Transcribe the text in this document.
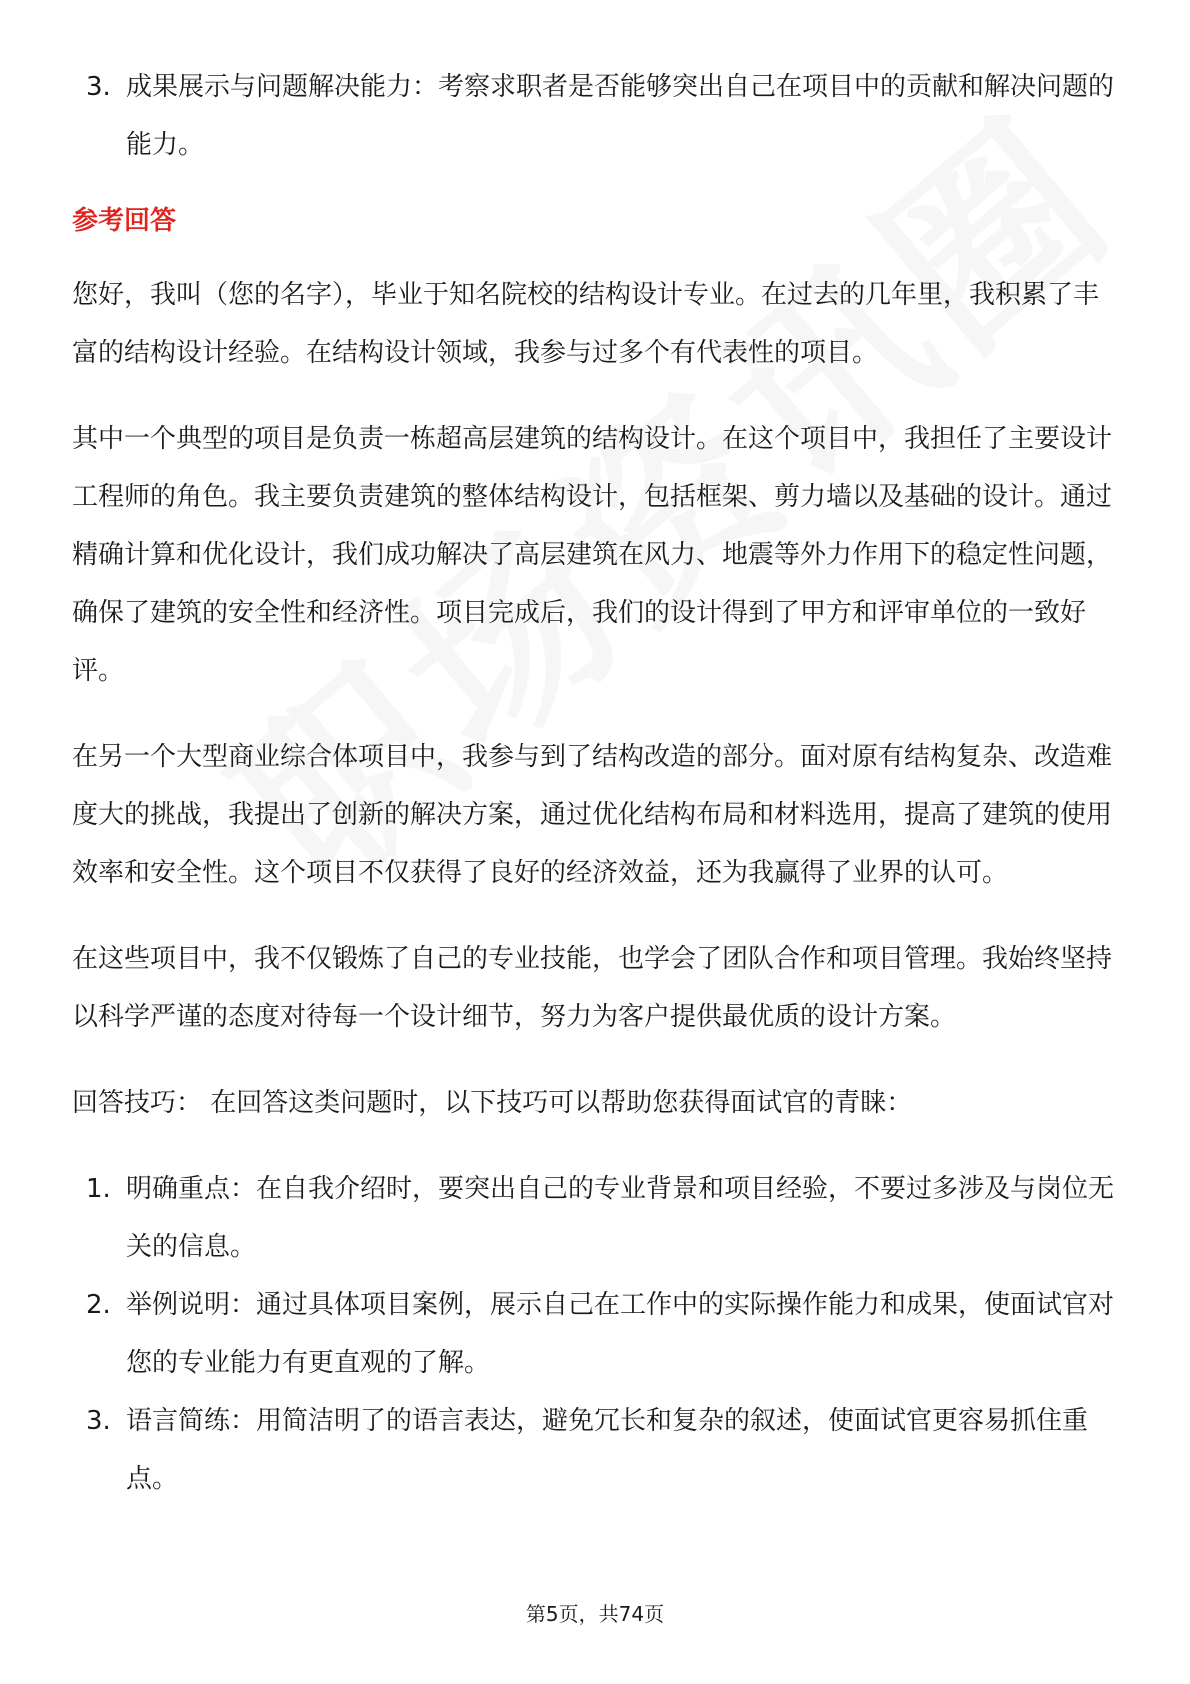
3. 成果展示与问题解决能力：考察求职者是否能够突出自己在项目中的贡献和解决问题的能力。
参考回答

您好，我叫（您的名字），毕业于知名院校的结构设计专业。在过去的几年里，我积累了丰富的结构设计经验。在结构设计领域，我参与过多个有代表性的项目。

其中一个典型的项目是负责一栋超高层建筑的结构设计。在这个项目中，我担任了主要设计工程师的角色。我主要负责建筑的整体结构设计，包括框架、剪力墙以及基础的设计。通过精确计算和优化设计，我们成功解决了高层建筑在风力、地震等外力作用下的稳定性问题，确保了建筑的安全性和经济性。项目完成后，我们的设计得到了甲方和评审单位的一致好评。

在另一个大型商业综合体项目中，我参与到了结构改造的部分。面对原有结构复杂、改造难度大的挑战，我提出了创新的解决方案，通过优化结构布局和材料选用，提高了建筑的使用效率和安全性。这个项目不仅获得了良好的经济效益，还为我赢得了业界的认可。

在这些项目中，我不仅锻炼了自己的专业技能，也学会了团队合作和项目管理。我始终坚持以科学严谨的态度对待每一个设计细节，努力为客户提供最优质的设计方案。

回答技巧： 在回答这类问题时，以下技巧可以帮助您获得面试官的青睐：

1. 明确重点：在自我介绍时，要突出自己的专业背景和项目经验，不要过多涉及与岗位无关的信息。
2. 举例说明：通过具体项目案例，展示自己在工作中的实际操作能力和成果，使面试官对您的专业能力有更直观的了解。
3. 语言简练：用简洁明了的语言表达，避免冗长和复杂的叙述，使面试官更容易抓住重点。
第5页，共74页
